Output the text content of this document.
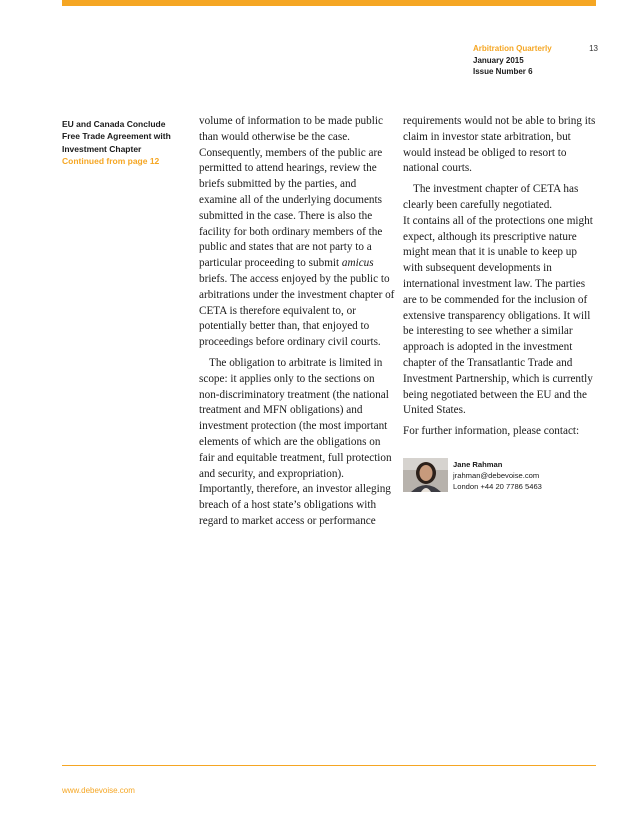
Arbitration Quarterly
January 2015
Issue Number 6
13
EU and Canada Conclude
Free Trade Agreement with
Investment Chapter
Continued from page 12

volume of information to be made public than would otherwise be the case. Consequently, members of the public are permitted to attend hearings, review the briefs submitted by the parties, and examine all of the underlying documents submitted in the case. There is also the facility for both ordinary members of the public and states that are not party to a particular proceeding to submit amicus briefs. The access enjoyed by the public to arbitrations under the investment chapter of CETA is therefore equivalent to, or potentially better than, that enjoyed to proceedings before ordinary civil courts.

The obligation to arbitrate is limited in scope: it applies only to the sections on non-discriminatory treatment (the national treatment and MFN obligations) and investment protection (the most important elements of which are the obligations on fair and equitable treatment, full protection and security, and expropriation). Importantly, therefore, an investor alleging breach of a host state’s obligations with regard to market access or performance

requirements would not be able to bring its claim in investor state arbitration, but would instead be obliged to resort to national courts.

The investment chapter of CETA has clearly been carefully negotiated.

It contains all of the protections one might expect, although its prescriptive nature might mean that it is unable to keep up with subsequent developments in international investment law. The parties are to be commended for the inclusion of extensive transparency obligations. It will be interesting to see whether a similar approach is adopted in the investment chapter of the Transatlantic Trade and Investment Partnership, which is currently being negotiated between the EU and the United States.

For further information, please contact:

Jane Rahman
jrahman@debevoise.com
London +44 20 7786 5463
www.debevoise.com
